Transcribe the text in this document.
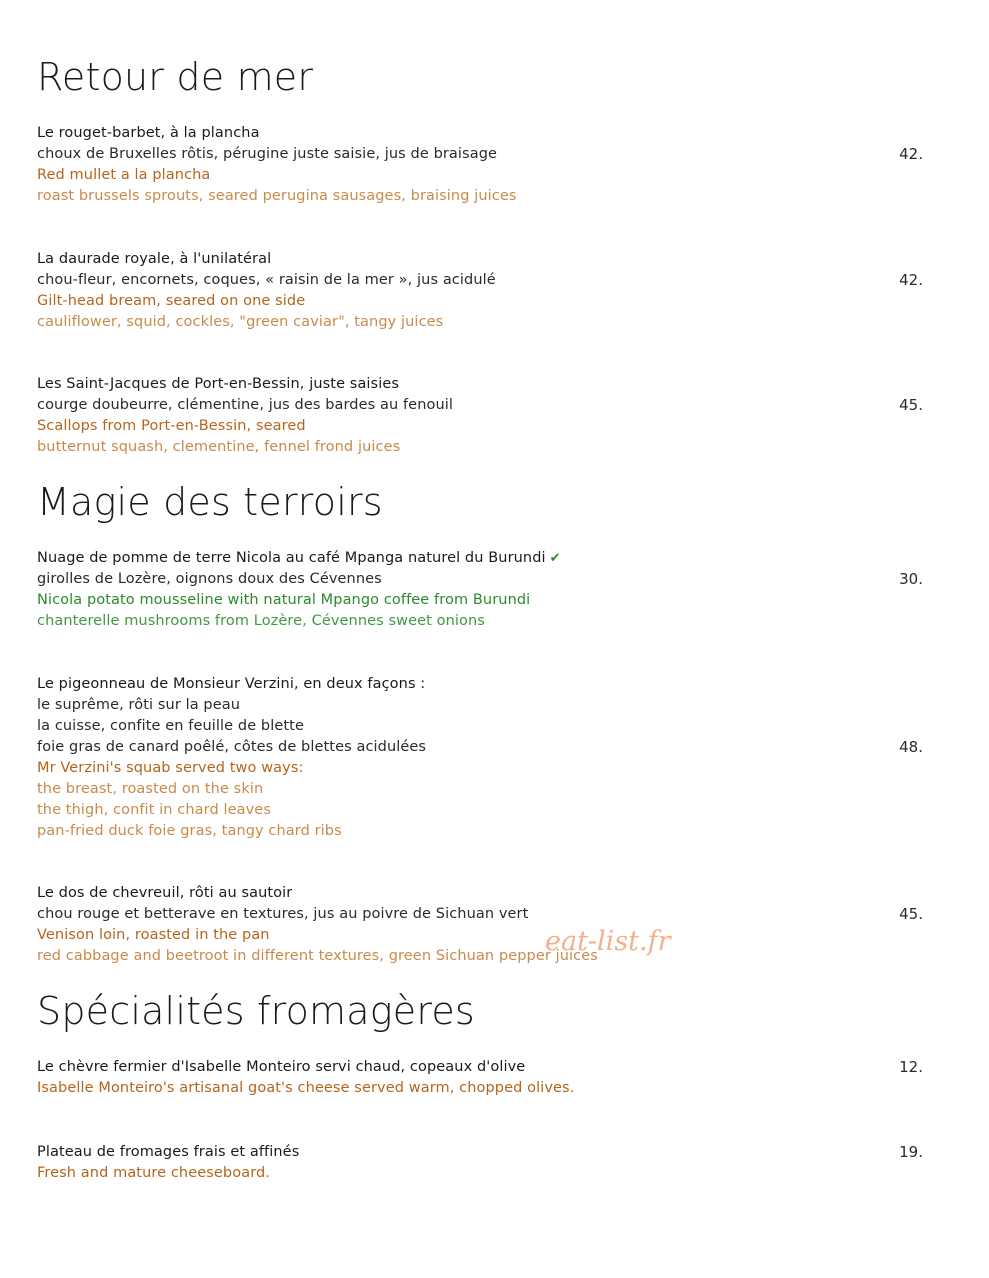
Retour de mer
Le rouget-barbet, à la plancha
choux de Bruxelles rôtis, pérugine juste saisie, jus de braisage
Red mullet a la plancha
roast brussels sprouts, seared perugina sausages, braising juices
42.
La daurade royale, à l'unilatéral
chou-fleur, encornets, coques, « raisin de la mer », jus acidulé
Gilt-head bream, seared on one side
cauliflower, squid, cockles, "green caviar", tangy juices
42.
Les Saint-Jacques de Port-en-Bessin, juste saisies
courge doubeurre, clémentine, jus des bardes au fenouil
Scallops from Port-en-Bessin, seared
butternut squash, clementine, fennel frond juices
45.
Magie des terroirs
Nuage de pomme de terre Nicola au café Mpanga naturel du Burundi ✔
girolles de Lozère, oignons doux des Cévennes
Nicola potato mousseline with natural Mpango coffee from Burundi
chanterelle mushrooms from Lozère, Cévennes sweet onions
30.
Le pigeonneau de Monsieur Verzini, en deux façons :
le suprême, rôti sur la peau
la cuisse, confite en feuille de blette
foie gras de canard poêlé, côtes de blettes acidulées
Mr Verzini's squab served two ways:
the breast, roasted on the skin
the thigh, confit in chard leaves
pan-fried duck foie gras, tangy chard ribs
48.
Le dos de chevreuil, rôti au sautoir
chou rouge et betterave en textures, jus au poivre de Sichuan vert
Venison loin, roasted in the pan
red cabbage and beetroot in different textures, green Sichuan pepper juices
45.
Spécialités fromagères
Le chèvre fermier d'Isabelle Monteiro servi chaud, copeaux d'olive
Isabelle Monteiro's artisanal goat's cheese served warm, chopped olives.
12.
Plateau de fromages frais et affinés
Fresh and mature cheeseboard.
19.
eat-list.fr
